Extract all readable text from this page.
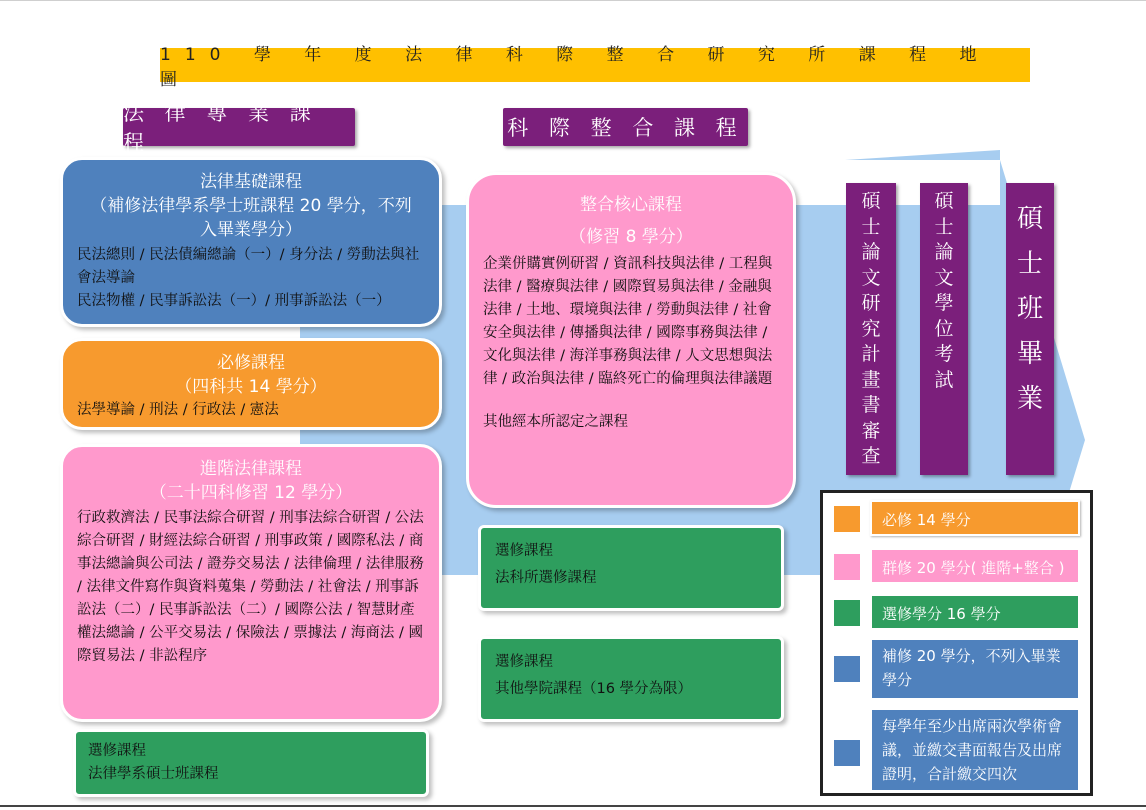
110 學 年 度 法 律 科 際 整 合 研 究 所 課 程 地 圖
法 律 專 業 課 程
科 際 整 合 課 程
法律基礎課程
（補修法律學系學士班課程 20 學分，不列入畢業學分）
民法總則 / 民法債編總論（一）/ 身分法 / 勞動法與社會法導論
民法物權 / 民事訴訟法（一）/ 刑事訴訟法（一）
必修課程
（四科共 14 學分）
法學導論 / 刑法 / 行政法 / 憲法
進階法律課程
（二十四科修習 12 學分）
行政救濟法 / 民事法綜合研習 / 刑事法綜合研習 / 公法綜合研習 / 財經法綜合研習 / 刑事政策 / 國際私法 / 商事法總論與公司法 / 證券交易法 / 法律倫理 / 法律服務 / 法律文件寫作與資料蒐集 / 勞動法 / 社會法 / 刑事訴訟法（二）/ 民事訴訟法（二）/ 國際公法 / 智慧財產權法總論 / 公平交易法 / 保險法 / 票據法 / 海商法 / 國際貿易法 / 非訟程序
選修課程
法律學系碩士班課程
整合核心課程
（修習 8 學分）
企業併購實例研習 / 資訊科技與法律 / 工程與法律 / 醫療與法律 / 國際貿易與法律 / 金融與法律 / 土地、環境與法律 / 勞動與法律 / 社會安全與法律 / 傳播與法律 / 國際事務與法律 / 文化與法律 / 海洋事務與法律 / 人文思想與法律 / 政治與法律 / 臨終死亡的倫理與法律議題
其他經本所認定之課程
選修課程
法科所選修課程
選修課程
其他學院課程（16 學分為限）
碩
士
論
文
研
究
計
畫
書
審
查
碩
士
論
文
學
位
考
試
碩
士
班
畢
業
必修 14 學分
群修 20 學分( 進階+整合 )
選修學分 16 學分
補修 20 學分，不列入畢業學分
每學年至少出席兩次學術會議，並繳交書面報告及出席證明，合計繳交四次
